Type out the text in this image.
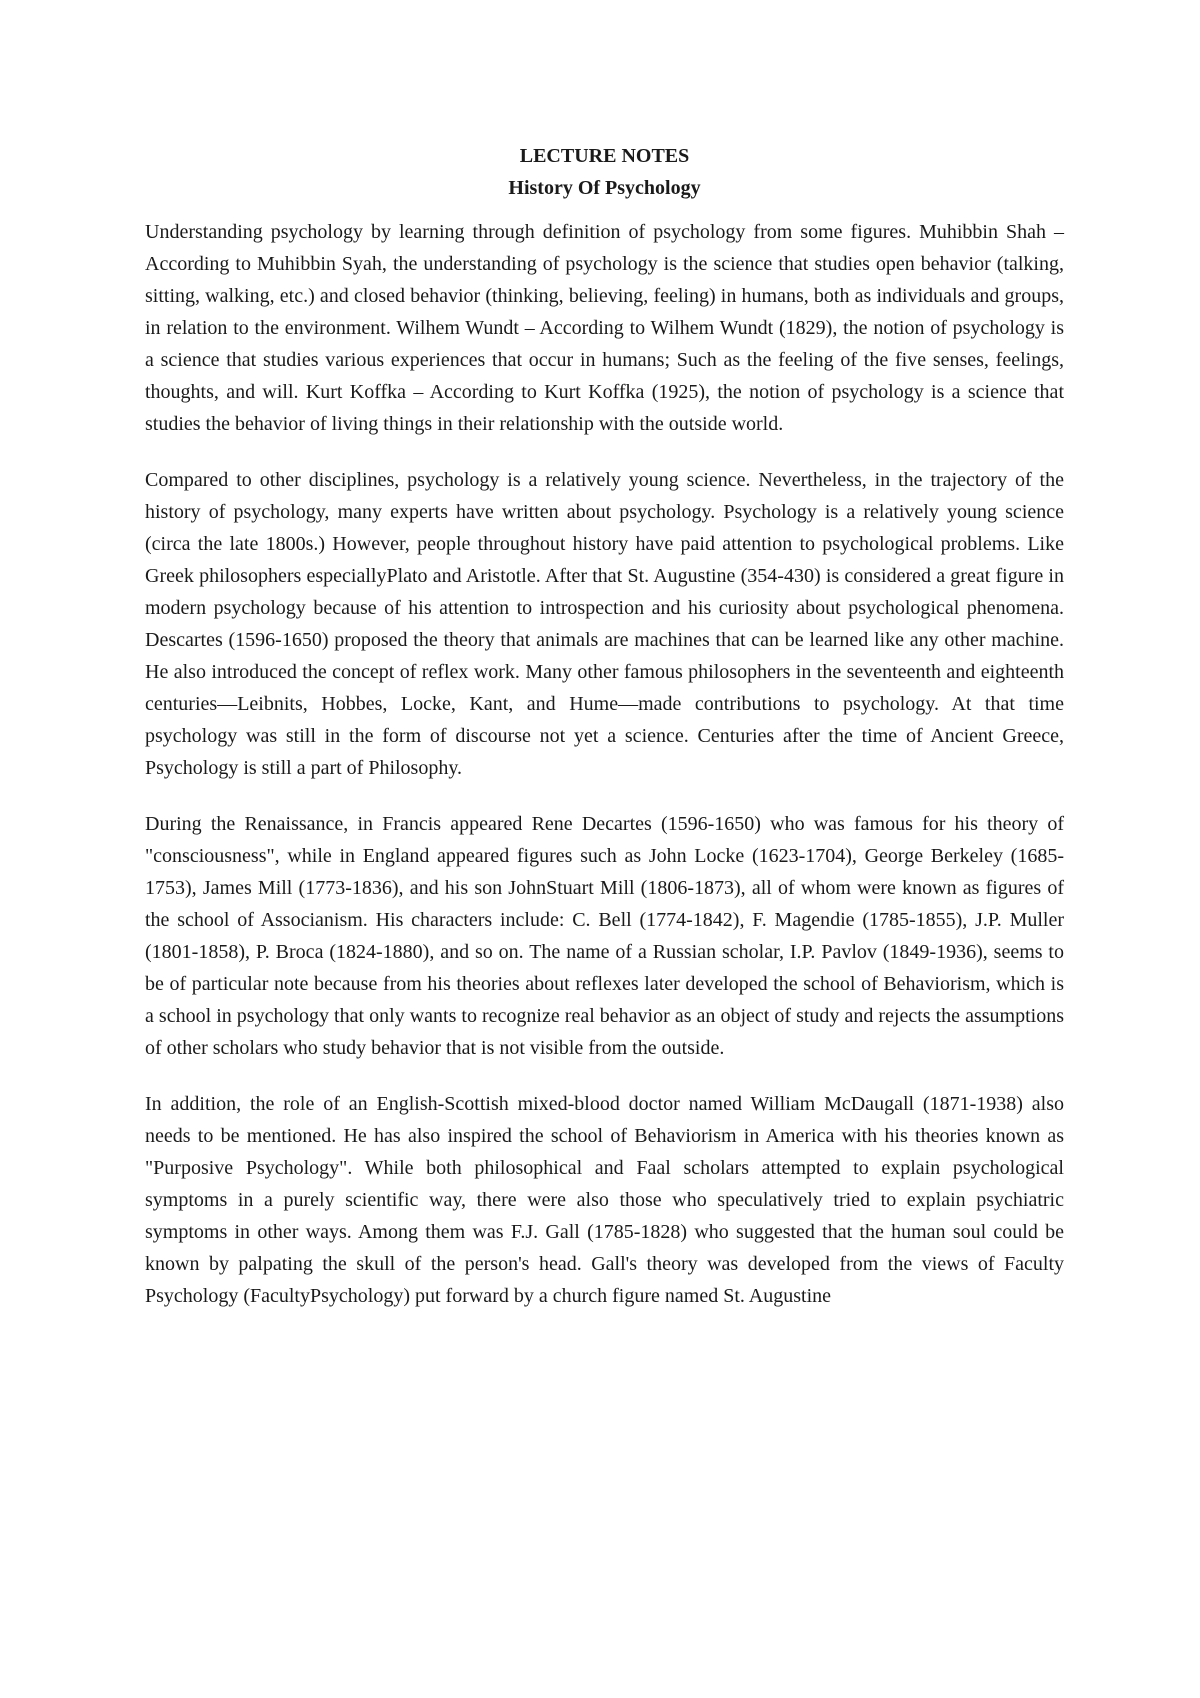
LECTURE NOTES

History Of Psychology

Understanding psychology by learning through definition of psychology from some figures. Muhibbin Shah – According to Muhibbin Syah, the understanding of psychology is the science that studies open behavior (talking, sitting, walking, etc.) and closed behavior (thinking, believing, feeling) in humans, both as individuals and groups, in relation to the environment. Wilhem Wundt – According to Wilhem Wundt (1829), the notion of psychology is a science that studies various experiences that occur in humans; Such as the feeling of the five senses, feelings, thoughts, and will. Kurt Koffka – According to Kurt Koffka (1925), the notion of psychology is a science that studies the behavior of living things in their relationship with the outside world.

Compared to other disciplines, psychology is a relatively young science. Nevertheless, in the trajectory of the history of psychology, many experts have written about psychology. Psychology is a relatively young science (circa the late 1800s.) However, people throughout history have paid attention to psychological problems. Like Greek philosophers especiallyPlato and Aristotle. After that St. Augustine (354-430) is considered a great figure in modern psychology because of his attention to introspection and his curiosity about psychological phenomena. Descartes (1596-1650) proposed the theory that animals are machines that can be learned like any other machine. He also introduced the concept of reflex work. Many other famous philosophers in the seventeenth and eighteenth centuries—Leibnits, Hobbes, Locke, Kant, and Hume—made contributions to psychology. At that time psychology was still in the form of discourse not yet a science. Centuries after the time of Ancient Greece, Psychology is still a part of Philosophy.

During the Renaissance, in Francis appeared Rene Decartes (1596-1650) who was famous for his theory of "consciousness", while in England appeared figures such as John Locke (1623-1704), George Berkeley (1685-1753), James Mill (1773-1836), and his son JohnStuart Mill (1806-1873), all of whom were known as figures of the school of Associanism. His characters include: C. Bell (1774-1842), F. Magendie (1785-1855), J.P. Muller (1801-1858), P. Broca (1824-1880), and so on. The name of a Russian scholar, I.P. Pavlov (1849-1936), seems to be of particular note because from his theories about reflexes later developed the school of Behaviorism, which is a school in psychology that only wants to recognize real behavior as an object of study and rejects the assumptions of other scholars who study behavior that is not visible from the outside.

In addition, the role of an English-Scottish mixed-blood doctor named William McDaugall (1871-1938) also needs to be mentioned. He has also inspired the school of Behaviorism in America with his theories known as "Purposive Psychology". While both philosophical and Faal scholars attempted to explain psychological symptoms in a purely scientific way, there were also those who speculatively tried to explain psychiatric symptoms in other ways. Among them was F.J. Gall (1785-1828) who suggested that the human soul could be known by palpating the skull of the person's head. Gall's theory was developed from the views of Faculty Psychology (FacultyPsychology) put forward by a church figure named St. Augustine
